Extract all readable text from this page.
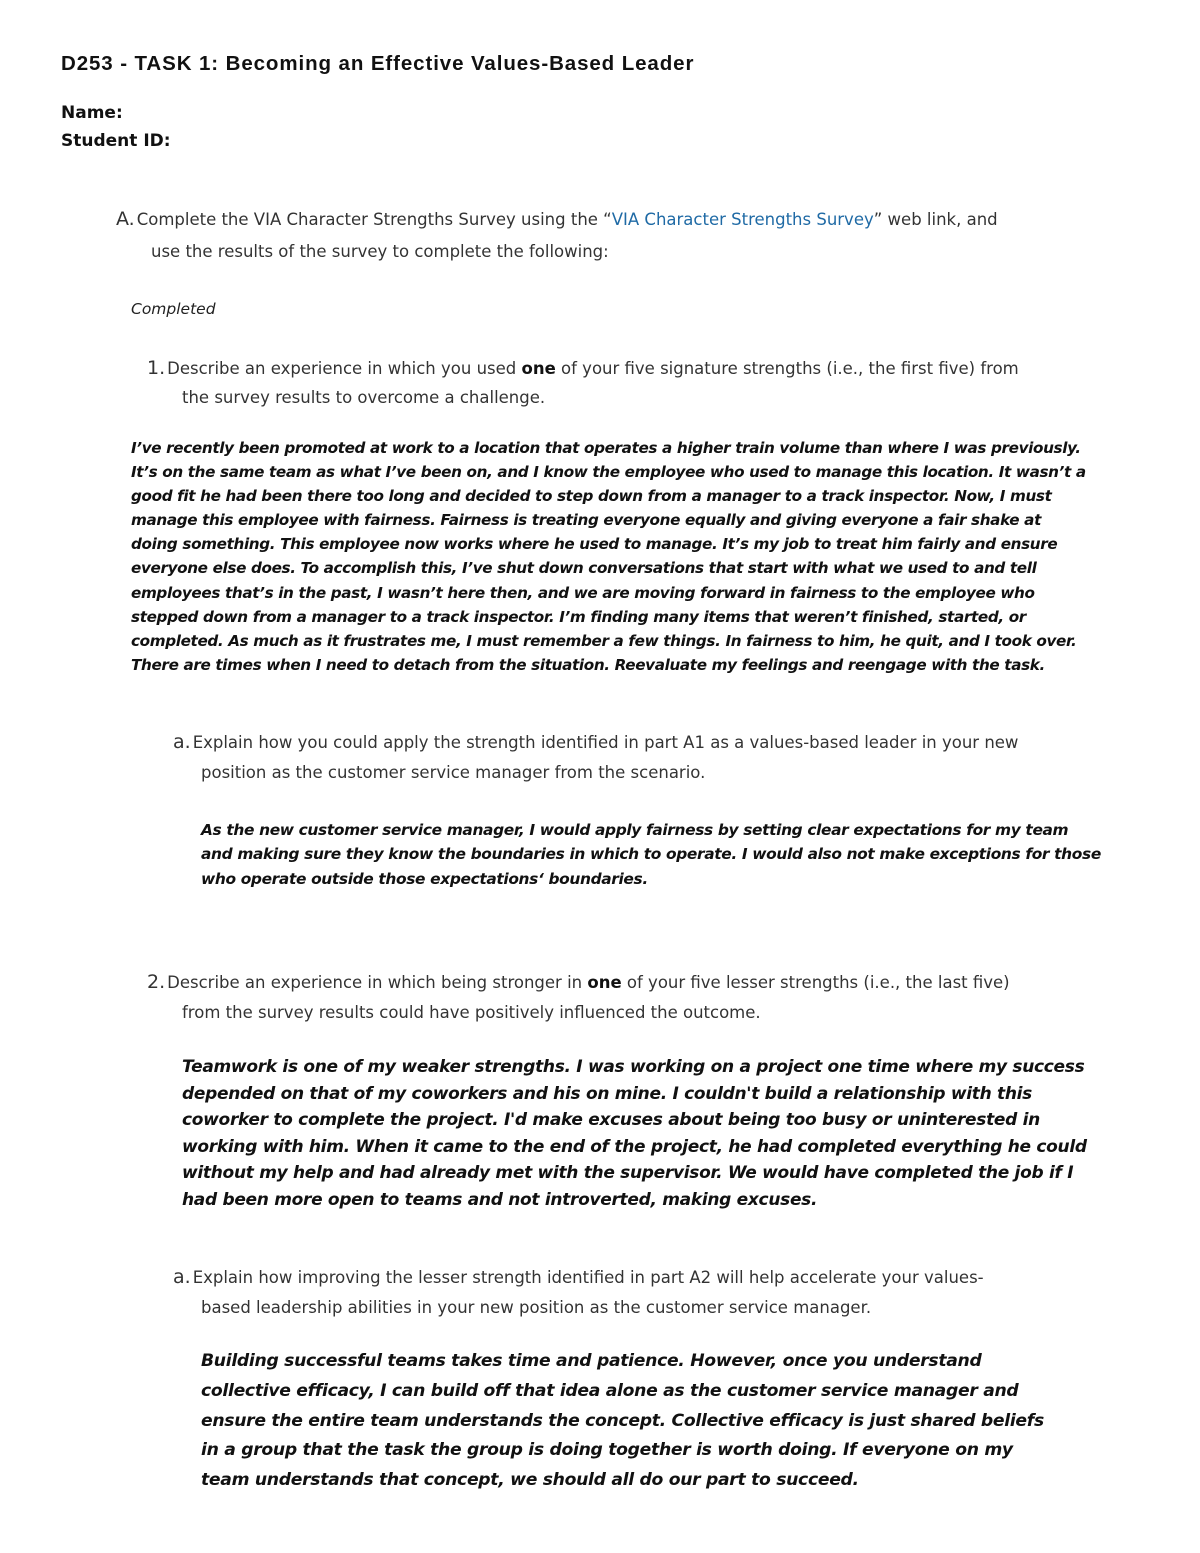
D253 - TASK 1: Becoming an Effective Values-Based Leader
Name:
Student ID:
A. Complete the VIA Character Strengths Survey using the “VIA Character Strengths Survey” web link, and
use the results of the survey to complete the following:
Completed
1. Describe an experience in which you used one of your five signature strengths (i.e., the first five) from
the survey results to overcome a challenge.
I’ve recently been promoted at work to a location that operates a higher train volume than where I was previously. It’s on the same team as what I’ve been on, and I know the employee who used to manage this location. It wasn’t a good fit he had been there too long and decided to step down from a manager to a track inspector. Now, I must manage this employee with fairness. Fairness is treating everyone equally and giving everyone a fair shake at doing something. This employee now works where he used to manage. It’s my job to treat him fairly and ensure everyone else does. To accomplish this, I’ve shut down conversations that start with what we used to and tell employees that’s in the past, I wasn’t here then, and we are moving forward in fairness to the employee who stepped down from a manager to a track inspector. I’m finding many items that weren’t finished, started, or completed. As much as it frustrates me, I must remember a few things. In fairness to him, he quit, and I took over. There are times when I need to detach from the situation. Reevaluate my feelings and reengage with the task.
a. Explain how you could apply the strength identified in part A1 as a values-based leader in your new
position as the customer service manager from the scenario.
As the new customer service manager, I would apply fairness by setting clear expectations for my team and making sure they know the boundaries in which to operate. I would also not make exceptions for those who operate outside those expectations‘ boundaries.
2. Describe an experience in which being stronger in one of your five lesser strengths (i.e., the last five)
from the survey results could have positively influenced the outcome.
Teamwork is one of my weaker strengths. I was working on a project one time where my success depended on that of my coworkers and his on mine. I couldn't build a relationship with this coworker to complete the project. I'd make excuses about being too busy or uninterested in working with him. When it came to the end of the project, he had completed everything he could without my help and had already met with the supervisor. We would have completed the job if I had been more open to teams and not introverted, making excuses.
a. Explain how improving the lesser strength identified in part A2 will help accelerate your values-
based leadership abilities in your new position as the customer service manager.
Building successful teams takes time and patience. However, once you understand collective efficacy, I can build off that idea alone as the customer service manager and ensure the entire team understands the concept. Collective efficacy is just shared beliefs in a group that the task the group is doing together is worth doing. If everyone on my team understands that concept, we should all do our part to succeed.
